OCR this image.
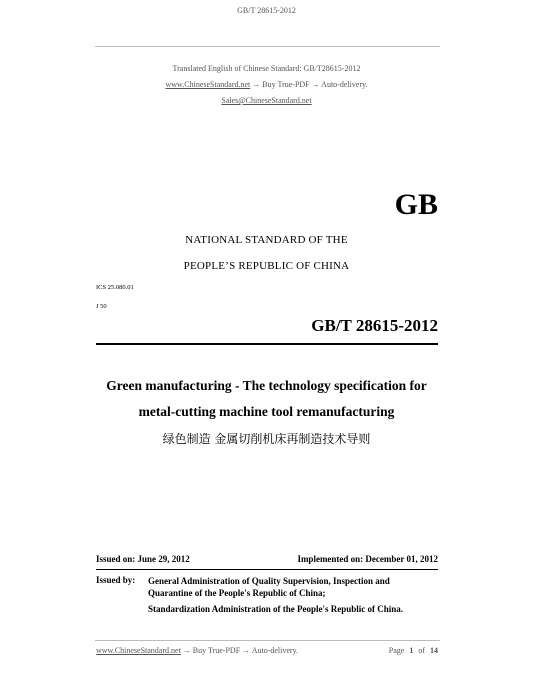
GB/T 28615-2012
Translated English of Chinese Standard: GB/T28615-2012
www.ChineseStandard.net → Buy True-PDF → Auto-delivery.
Sales@ChineseStandard.net
GB
NATIONAL STANDARD OF THE
PEOPLE’S REPUBLIC OF CHINA
ICS 25.080.01
J 50
GB/T 28615-2012
Green manufacturing - The technology specification for
metal-cutting machine tool remanufacturing
绿色制造 金属切削机床再制造技术导则
Issued on: June 29, 2012	Implemented on: December 01, 2012
Issued by: General Administration of Quality Supervision, Inspection and
Quarantine of the People's Republic of China;
Standardization Administration of the People's Republic of China.
www.ChineseStandard.net → Buy True-PDF → Auto-delivery.	Page 1 of 14
